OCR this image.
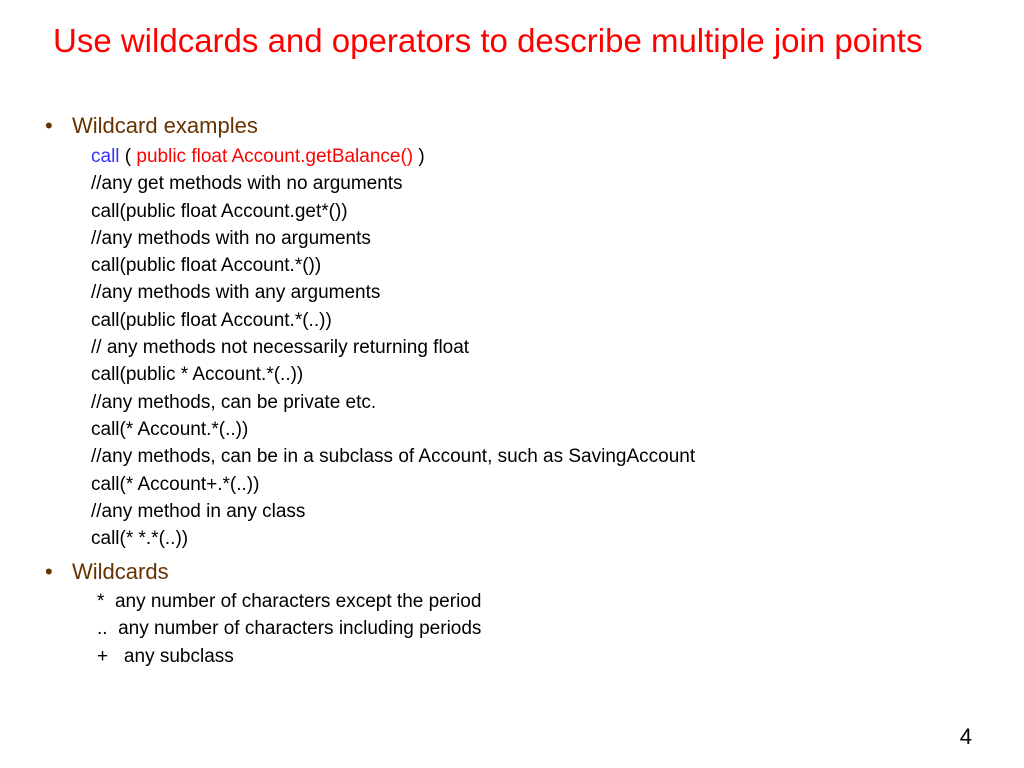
Use wildcards and operators to describe multiple join points
• Wildcard examples
call ( public float Account.getBalance() )
//any get methods with no arguments
call(public float Account.get*())
//any methods with no arguments
call(public float Account.*())
//any methods with any arguments
call(public float Account.*(..))
// any methods not necessarily returning float
call(public * Account.*(..))
//any methods, can be private etc.
call(* Account.*(..))
//any methods, can be in a subclass of Account, such as SavingAccount
call(* Account+.*(..))
//any method in any class
call(* *.*(..))
• Wildcards
*  any number of characters except the period
..  any number of characters including periods
+   any subclass
4
